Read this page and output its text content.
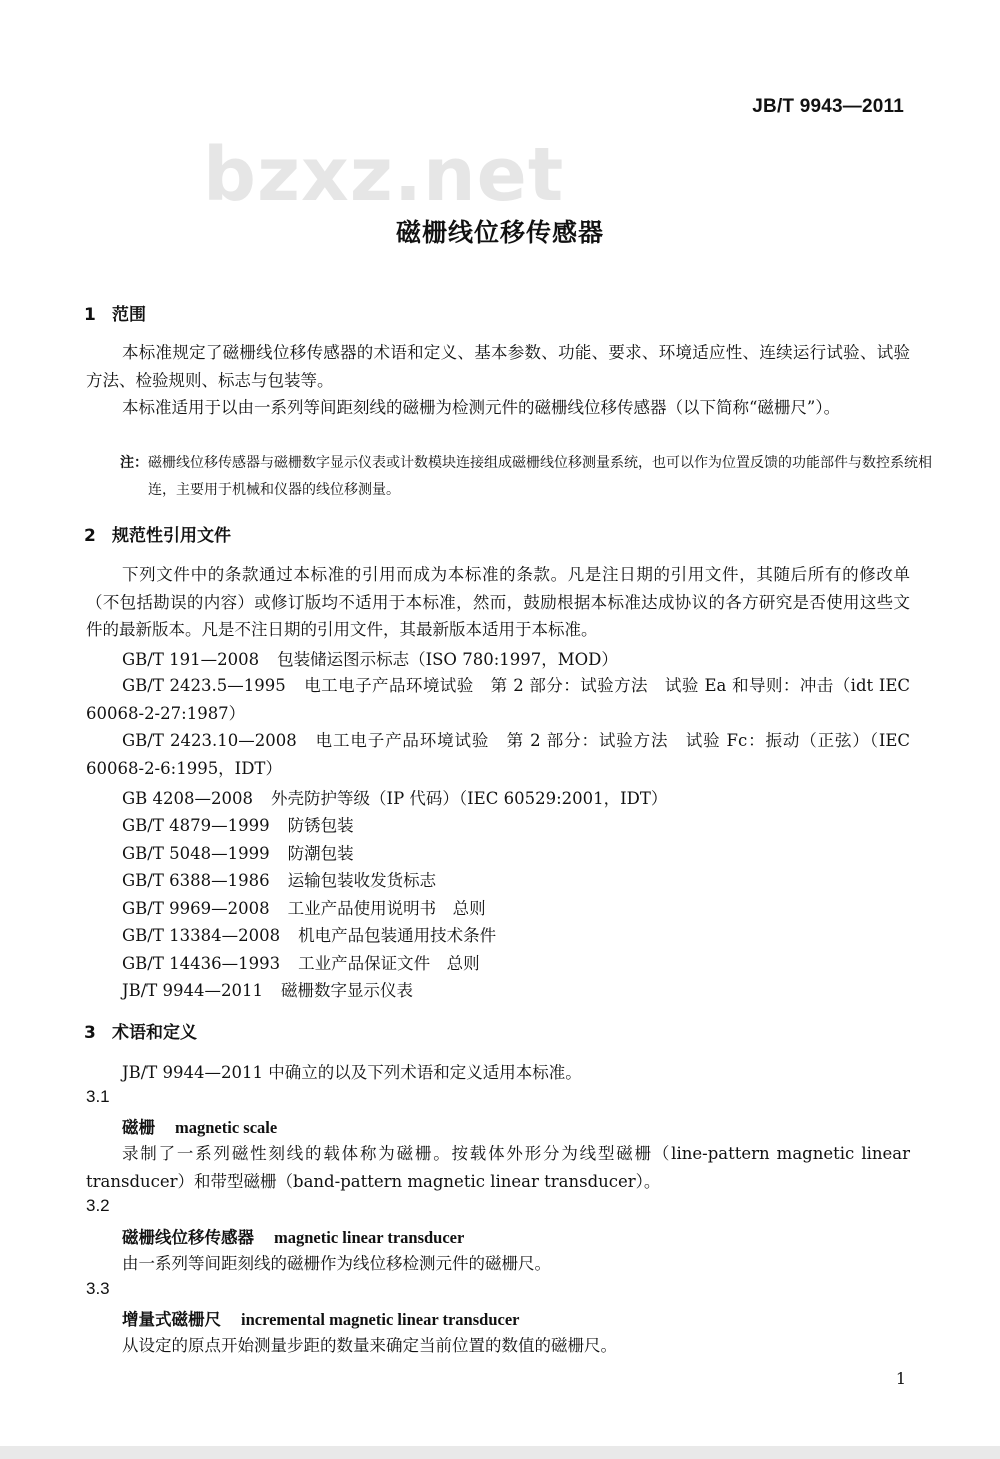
JB/T 9943—2011
bzxz.net
磁栅线位移传感器
1 范围
本标准规定了磁栅线位移传感器的术语和定义、基本参数、功能、要求、环境适应性、连续运行试验、试验方法、检验规则、标志与包装等。
本标准适用于以由一系列等间距刻线的磁栅为检测元件的磁栅线位移传感器（以下简称“磁栅尺”）。
注：磁栅线位移传感器与磁栅数字显示仪表或计数模块连接组成磁栅线位移测量系统，也可以作为位置反馈的功能部件与数控系统相连，主要用于机械和仪器的线位移测量。
2 规范性引用文件
下列文件中的条款通过本标准的引用而成为本标准的条款。凡是注日期的引用文件，其随后所有的修改单（不包括勘误的内容）或修订版均不适用于本标准，然而，鼓励根据本标准达成协议的各方研究是否使用这些文件的最新版本。凡是不注日期的引用文件，其最新版本适用于本标准。
GB/T 191—2008 包装储运图示标志（ISO 780:1997，MOD）
GB/T 2423.5—1995 电工电子产品环境试验　第 2 部分：试验方法　试验 Ea 和导则：冲击（idt IEC 60068-2-27:1987）
GB/T 2423.10—2008 电工电子产品环境试验　第 2 部分：试验方法　试验 Fc：振动（正弦）（IEC 60068-2-6:1995，IDT）
GB 4208—2008 外壳防护等级（IP 代码）（IEC 60529:2001，IDT）
GB/T 4879—1999 防锈包装
GB/T 5048—1999 防潮包装
GB/T 6388—1986 运输包装收发货标志
GB/T 9969—2008 工业产品使用说明书　总则
GB/T 13384—2008 机电产品包装通用技术条件
GB/T 14436—1993 工业产品保证文件　总则
JB/T 9944—2011 磁栅数字显示仪表
3 术语和定义
JB/T 9944—2011 中确立的以及下列术语和定义适用本标准。
3.1
磁栅 magnetic scale
录制了一系列磁性刻线的载体称为磁栅。按载体外形分为线型磁栅（line-pattern magnetic linear transducer）和带型磁栅（band-pattern magnetic linear transducer）。
3.2
磁栅线位移传感器 magnetic linear transducer
由一系列等间距刻线的磁栅作为线位移检测元件的磁栅尺。
3.3
增量式磁栅尺 incremental magnetic linear transducer
从设定的原点开始测量步距的数量来确定当前位置的数值的磁栅尺。
1
